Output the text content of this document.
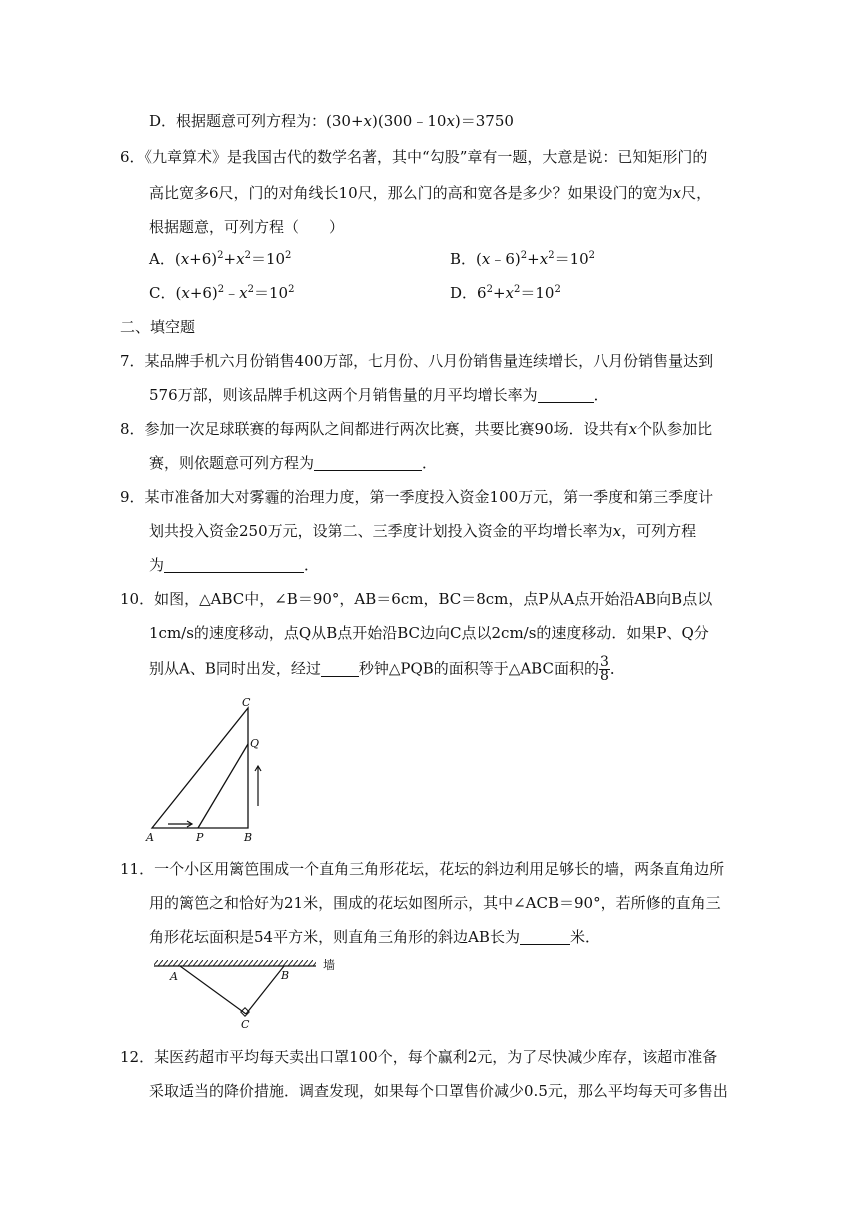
D．根据题意可列方程为：(30+x)(300﹣10x)＝3750
6．《九章算术》是我国古代的数学名著，其中“勾股”章有一题，大意是说：已知矩形门的
高比宽多6尺，门的对角线长10尺，那么门的高和宽各是多少？如果设门的宽为x尺，
根据题意，可列方程（　　）
A．$(x+6)^2+x^2=10^2$	B．$(x﹣6)^2+x^2=10^2$
C．$(x+6)^2﹣x^2=10^2$	D．$6^2+x^2=10^2$
二、填空题
7．某品牌手机六月份销售400万部，七月份、八月份销售量连续增长，八月份销售量达到
576万部，则该品牌手机这两个月销售量的月平均增长率为	．
8．参加一次足球联赛的每两队之间都进行两次比赛，共要比赛90场．设共有x个队参加比
赛，则依题意可列方程为	．
9．某市准备加大对雾霾的治理力度，第一季度投入资金100万元，第一季度和第三季度计
划共投入资金250万元，设第二、三季度计划投入资金的平均增长率为x，可列方程
为	．
10．如图，△ABC中，∠B＝90°，AB＝6cm，BC＝8cm，点P从A点开始沿AB向B点以
1cm/s的速度移动，点Q从B点开始沿BC边向C点以2cm/s的速度移动．如果P、Q分
别从A、B同时出发，经过	秒钟△PQB的面积等于△ABC面积的 $\frac{3}{8}$ ．
C
Q
A	P	B
11．一个小区用篱笆围成一个直角三角形花坛，花坛的斜边利用足够长的墙，两条直角边所
用的篱笆之和恰好为21米，围成的花坛如图所示，其中∠ACB＝90°，若所修的直角三
角形花坛面积是54平方米，则直角三角形的斜边AB长为	米．
A	B
C
墙
12．某医药超市平均每天卖出口罩100个，每个赢利2元，为了尽快减少库存，该超市准备
采取适当的降价措施．调查发现，如果每个口罩售价减少0.5元，那么平均每天可多售出
